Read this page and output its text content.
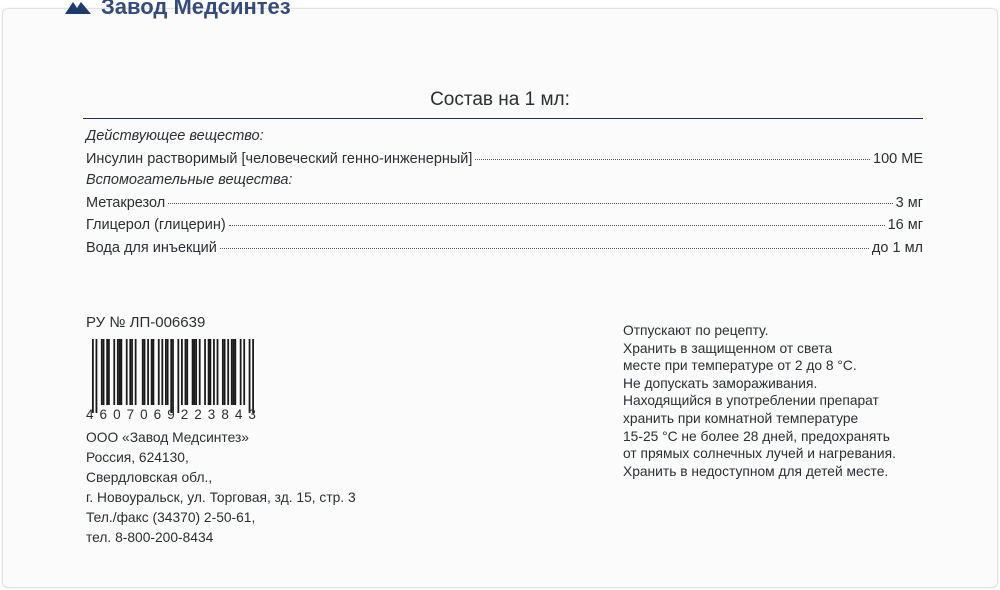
Завод Медсинтез
Состав на 1 мл:
Действующее вещество:
Инсулин растворимый [человеческий генно-инженерный]	100 МЕ
Вспомогательные вещества:
Метакрезол	3 мг
Глицерол (глицерин)	16 мг
Вода для инъекций	до 1 мл
РУ № ЛП-006639
4 6 0 7 0 6 9 2 2 3 8 4 3
ООО «Завод Медсинтез»
Россия, 624130,
Свердловская обл.,
г. Новоуральск, ул. Торговая, зд. 15, стр. 3
Тел./факс (34370) 2-50-61,
тел. 8-800-200-8434
Отпускают по рецепту.
Хранить в защищенном от света
месте при температуре от 2 до 8 °С.
Не допускать замораживания.
Находящийся в употреблении препарат
хранить при комнатной температуре
15-25 °С не более 28 дней, предохранять
от прямых солнечных лучей и нагревания.
Хранить в недоступном для детей месте.
